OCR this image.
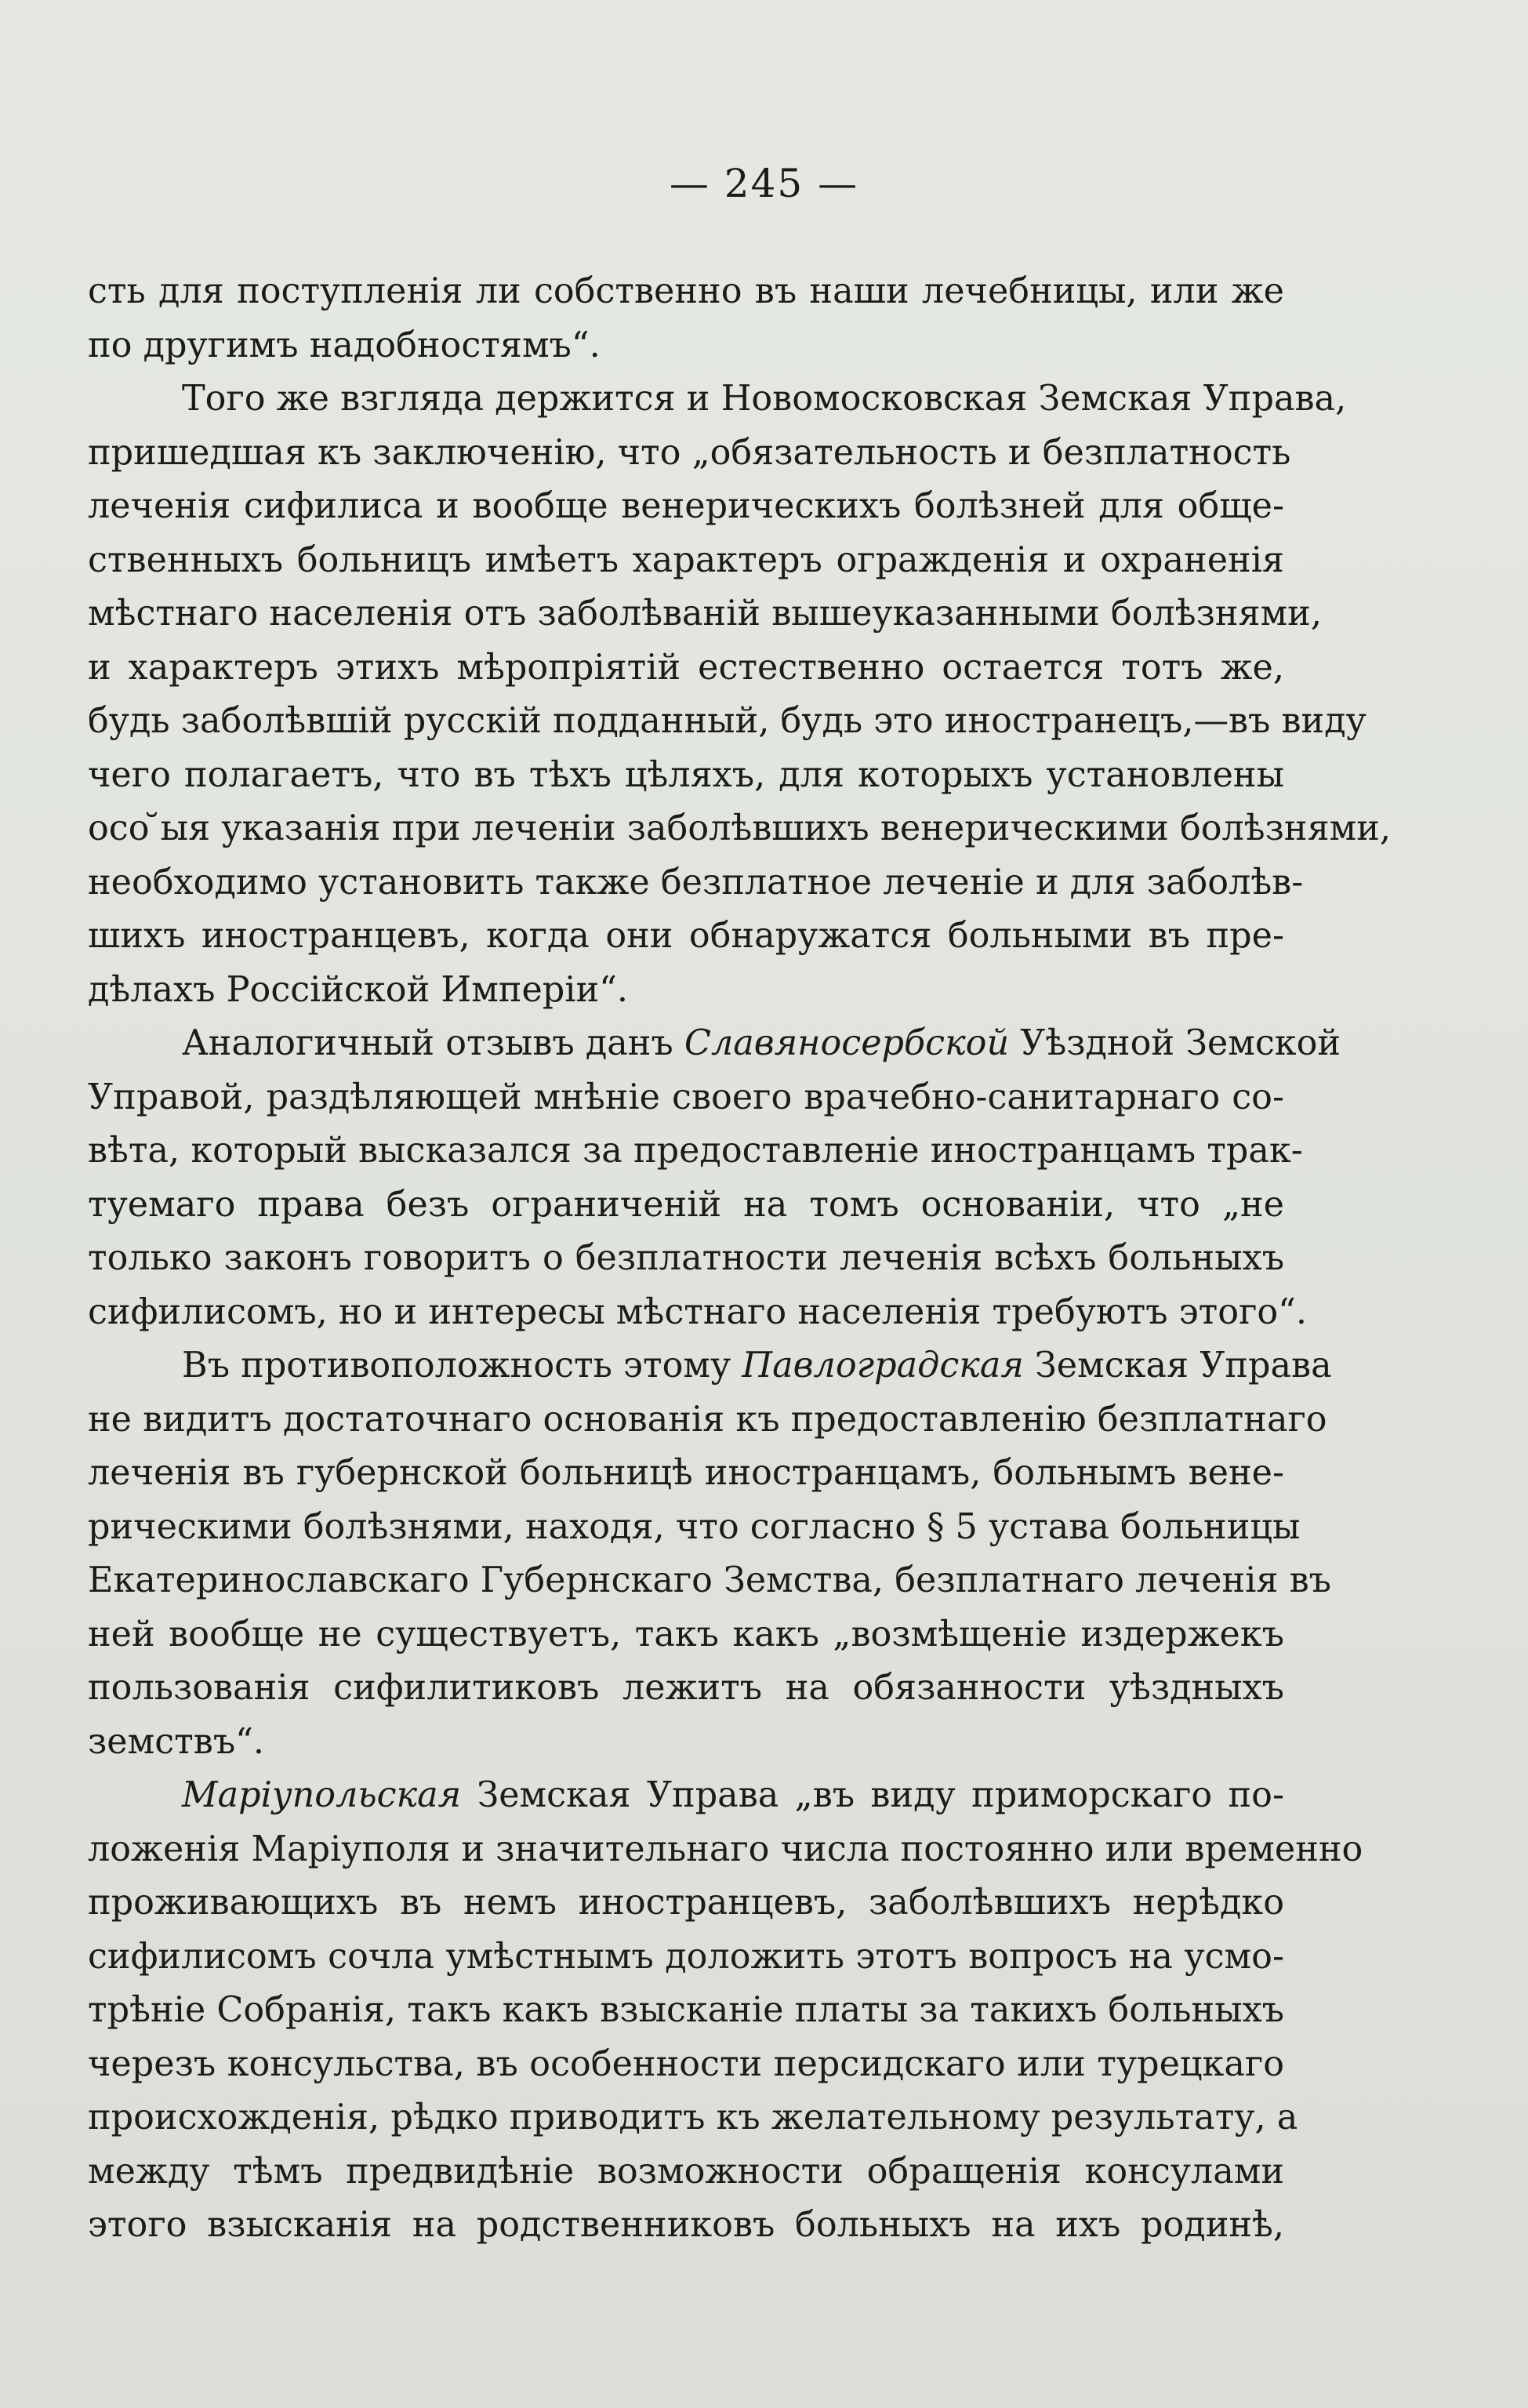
— 245 —
сть для поступленія ли собственно въ наши лечебницы, или же
по другимъ надобностямъ“.
Того же взгляда держится и Новомосковская Земская Управа,
пришедшая къ заключенію, что „обязательность и безплатность
леченія сифилиса и вообще венерическихъ болѣзней для обще-
ственныхъ больницъ имѣетъ характеръ огражденія и охраненія
мѣстнаго населенія отъ заболѣваній вышеуказанными болѣзнями,
и характеръ этихъ мѣропріятій естественно остается тотъ же,
будь заболѣвшій русскій подданный, будь это иностранецъ,—въ виду
чего полагаетъ, что въ тѣхъ цѣляхъ, для которыхъ установлены
осо ̆ыя указанія при леченіи заболѣвшихъ венерическими болѣзнями,
необходимо установить также безплатное леченіе и для заболѣв-
шихъ иностранцевъ, когда они обнаружатся больными въ пре-
дѣлахъ Россійской Имперіи“.
Аналогичный отзывъ данъ Славяносербской Уѣздной Земской
Управой, раздѣляющей мнѣніе своего врачебно-санитарнаго со-
вѣта, который высказался за предоставленіе иностранцамъ трак-
туемаго права безъ ограниченій на томъ основаніи, что „не
только законъ говоритъ о безплатности леченія всѣхъ больныхъ
сифилисомъ, но и интересы мѣстнаго населенія требуютъ этого“.
Въ противоположность этому Павлоградская Земская Управа
не видитъ достаточнаго основанія къ предоставленію безплатнаго
леченія въ губернской больницѣ иностранцамъ, больнымъ вене-
рическими болѣзнями, находя, что согласно § 5 устава больницы
Екатеринославскаго Губернскаго Земства, безплатнаго леченія въ
ней вообще не существуетъ, такъ какъ „возмѣщеніе издержекъ
пользованія сифилитиковъ лежитъ на обязанности уѣздныхъ
земствъ“.
Маріупольская Земская Управа „въ виду приморскаго по-
ложенія Маріуполя и значительнаго числа постоянно или временно
проживающихъ въ немъ иностранцевъ, заболѣвшихъ нерѣдко
сифилисомъ сочла умѣстнымъ доложить этотъ вопросъ на усмо-
трѣніе Собранія, такъ какъ взысканіе платы за такихъ больныхъ
черезъ консульства, въ особенности персидскаго или турецкаго
происхожденія, рѣдко приводитъ къ желательному результату, а
между тѣмъ предвидѣніе возможности обращенія консулами
этого взысканія на родственниковъ больныхъ на ихъ родинѣ,
